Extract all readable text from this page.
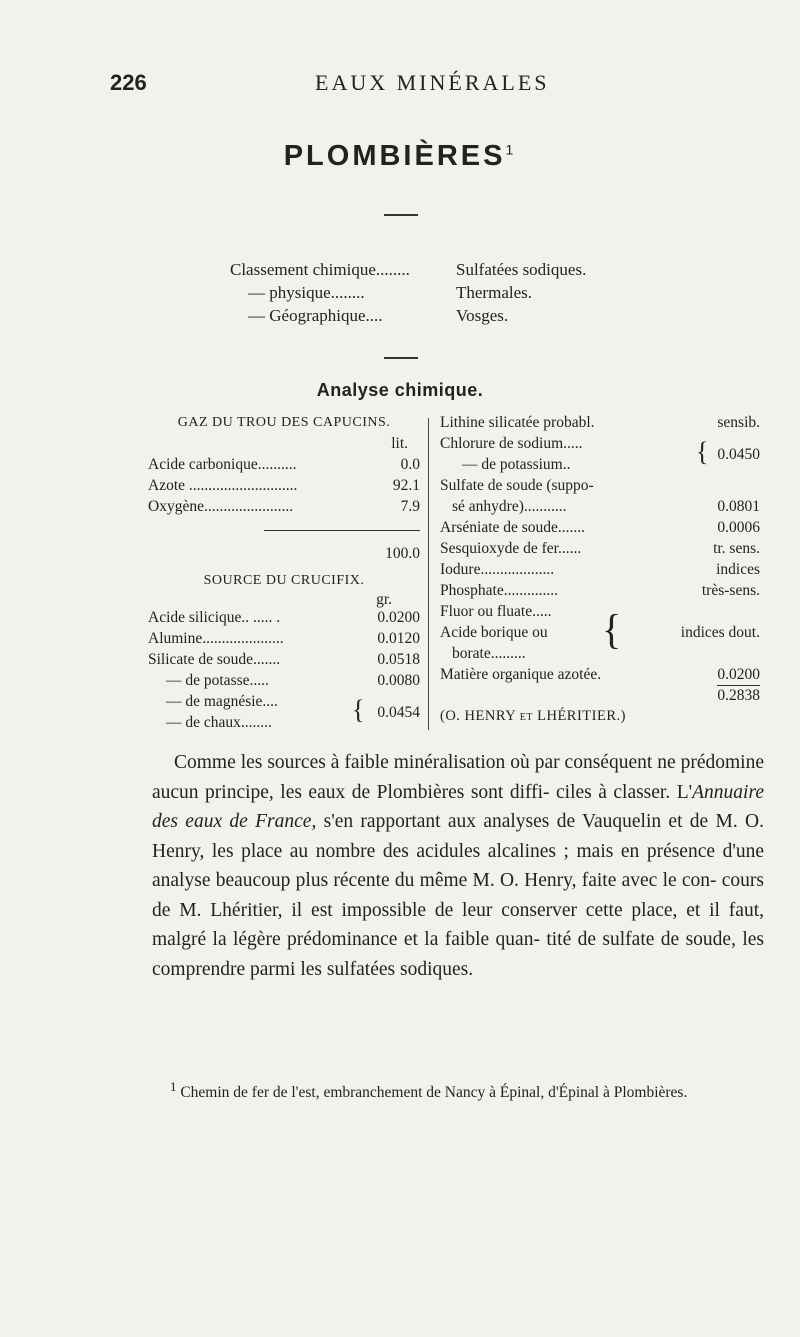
226	EAUX MINÉRALES
PLOMBIÈRES$^1$
Classement chimique........	Sulfatées sodiques.
— physique........	Thermales.
— Géographique....	Vosges.
Analyse chimique.
GAZ DU TROU DES CAPUCINS.
lit.
Acide carbonique..........	0.0
Azote ............................	92.1
Oxygène.......................	7.9
100.0
SOURCE DU CRUCIFIX.
gr.
Acide silicique.. ..... .	0.0200
Alumine.....................	0.0120
Silicate de soude.......	0.0518
— de potasse.....	0.0080
— de magnésie....
— de chaux........	{ 0.0454
Lithine silicatée probabl.	sensib.
Chlorure de sodium.....
— de potassium..	{ 0.0450
Sulfate de soude (suppo-
sé anhydre)...........	0.0801
Arséniate de soude.......	0.0006
Sesquioxyde de fer......	tr. sens.
Iodure...................	indices
Phosphate..............	très-sens.
Fluor ou fluate.....
Acide borique ou
borate.........
{	indices dout.
Matière organique azotée.	0.0200
0.2838
(O. HENRY et LHÉRITIER.)
Comme les sources à faible minéralisation où par conséquent ne prédomine aucun principe, les eaux de Plombières sont diffi- ciles à classer. L'Annuaire des eaux de France, s'en rapportant aux analyses de Vauquelin et de M. O. Henry, les place au nombre des acidules alcalines ; mais en présence d'une analyse beaucoup plus récente du même M. O. Henry, faite avec le con- cours de M. Lhéritier, il est impossible de leur conserver cette place, et il faut, malgré la légère prédominance et la faible quan- tité de sulfate de soude, les comprendre parmi les sulfatées sodiques.
$^1$ Chemin de fer de l'est, embranchement de Nancy à Épinal, d'Épinal à Plombières.
